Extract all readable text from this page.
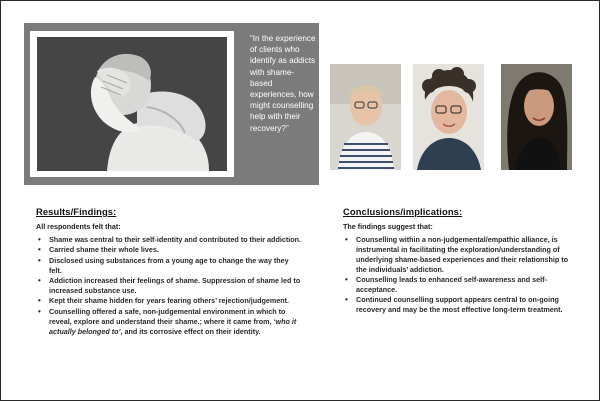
“In the experience of clients who identify as addicts with shame-based experiences, how might counselling help with their recovery?”
Results/Findings:
All respondents felt that:
• Shame was central to their self-identity and contributed to their addiction.
• Carried shame their whole lives.
• Disclosed using substances from a young age to change the way they felt.
• Addiction increased their feelings of shame. Suppression of shame led to increased substance use.
• Kept their shame hidden for years fearing others’ rejection/judgement.
• Counselling offered a safe, non-judgemental environment in which to reveal, explore and understand their shame.; where it came from, ‘who it actually belonged to’, and its corrosive effect on their identity.
Conclusions/implications:
The findings suggest that:
• Counselling within a non-judgemental/empathic alliance, is instrumental in facilitating the exploration/understanding of underlying shame-based experiences and their relationship to the individuals’ addiction.
• Counselling leads to enhanced self-awareness and self-acceptance.
• Continued counselling support appears central to on-going recovery and may be the most effective long-term treatment.
